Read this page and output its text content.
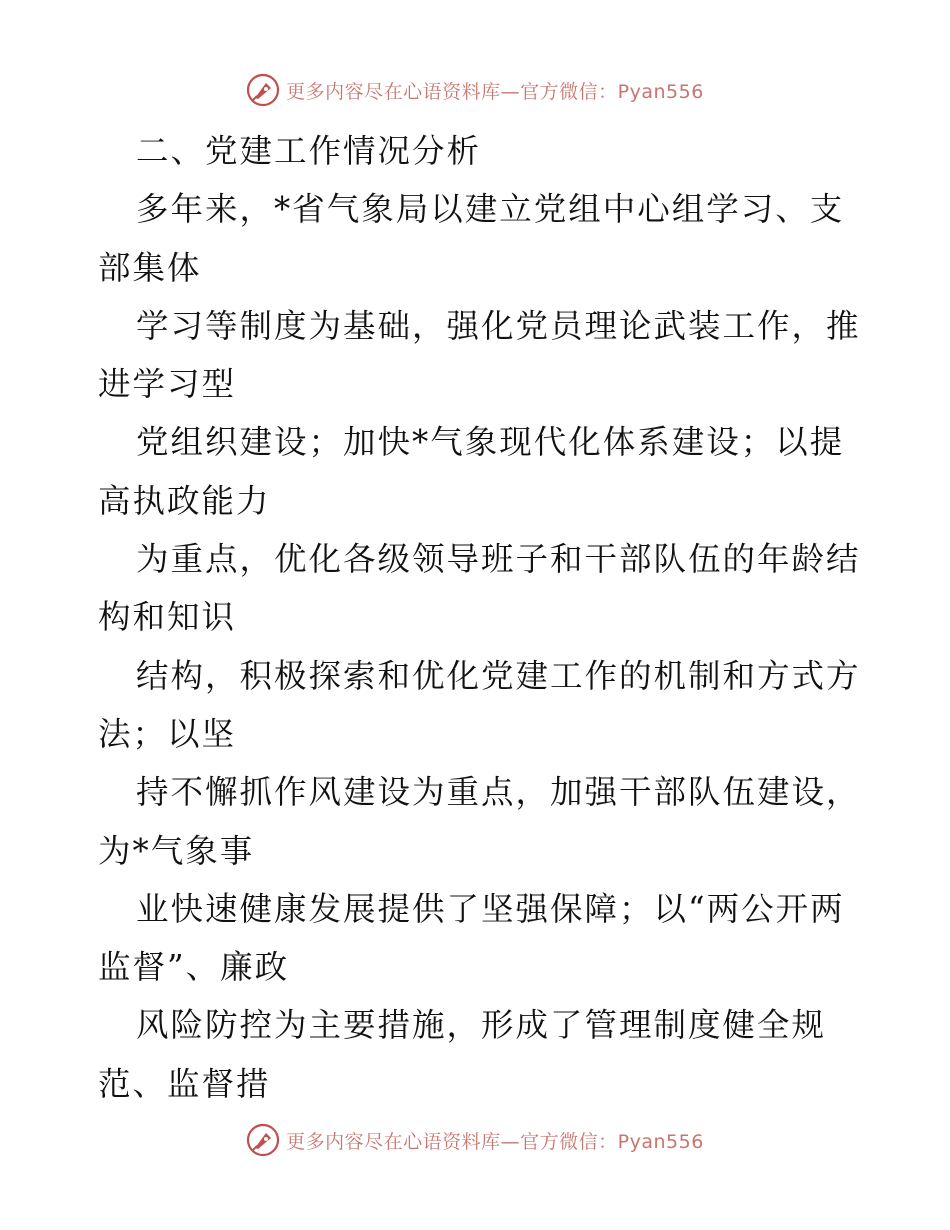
更多内容尽在心语资料库—官方微信：Pyan556
二、党建工作情况分析
多年来，*省气象局以建立党组中心组学习、支
部集体
学习等制度为基础，强化党员理论武装工作，推
进学习型
党组织建设；加快*气象现代化体系建设；以提
高执政能力
为重点，优化各级领导班子和干部队伍的年龄结
构和知识
结构，积极探索和优化党建工作的机制和方式方
法；以坚
持不懈抓作风建设为重点，加强干部队伍建设，
为*气象事
业快速健康发展提供了坚强保障；以“两公开两
监督”、廉政
风险防控为主要措施，形成了管理制度健全规
范、监督措
更多内容尽在心语资料库—官方微信：Pyan556
